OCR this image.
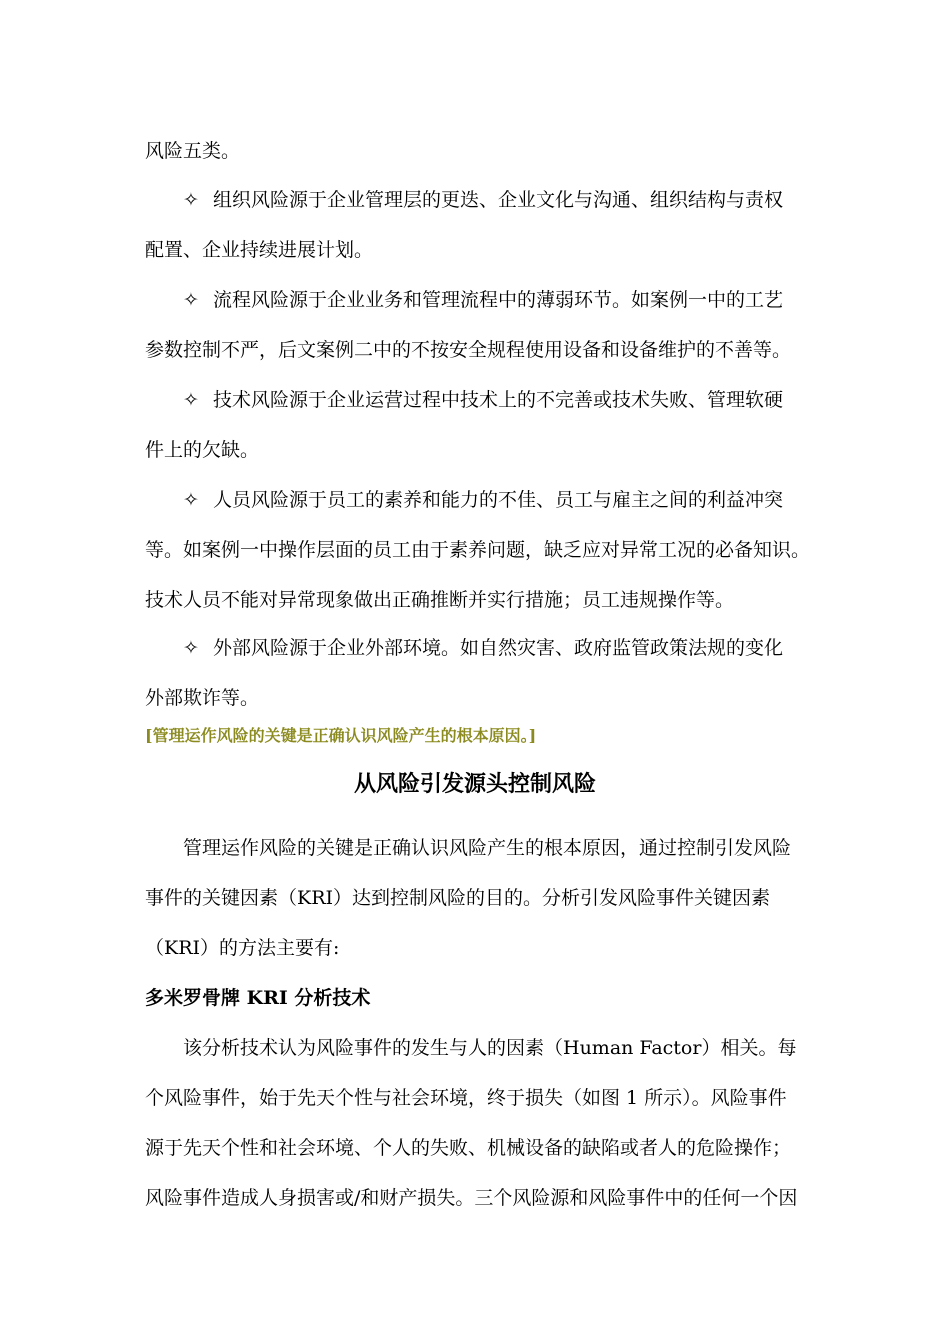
风险五类。

✧ 组织风险源于企业管理层的更迭、企业文化与沟通、组织结构与责权

配置、企业持续进展计划。

✧ 流程风险源于企业业务和管理流程中的薄弱环节。如案例一中的工艺

参数控制不严，后文案例二中的不按安全规程使用设备和设备维护的不善等。

✧ 技术风险源于企业运营过程中技术上的不完善或技术失败、管理软硬

件上的欠缺。

✧ 人员风险源于员工的素养和能力的不佳、员工与雇主之间的利益冲突

等。如案例一中操作层面的员工由于素养问题，缺乏应对异常工况的必备知识。

技术人员不能对异常现象做出正确推断并实行措施；员工违规操作等。

✧ 外部风险源于企业外部环境。如自然灾害、政府监管政策法规的变化

外部欺诈等。

[管理运作风险的关键是正确认识风险产生的根本原因。]

从风险引发源头控制风险

管理运作风险的关键是正确认识风险产生的根本原因，通过控制引发风险

事件的关键因素（KRI）达到控制风险的目的。分析引发风险事件关键因素

（KRI）的方法主要有:

多米罗骨牌 KRI 分析技术

该分析技术认为风险事件的发生与人的因素（Human Factor）相关。每

个风险事件，始于先天个性与社会环境，终于损失（如图 1 所示）。风险事件

源于先天个性和社会环境、个人的失败、机械设备的缺陷或者人的危险操作；

风险事件造成人身损害或/和财产损失。三个风险源和风险事件中的任何一个因
